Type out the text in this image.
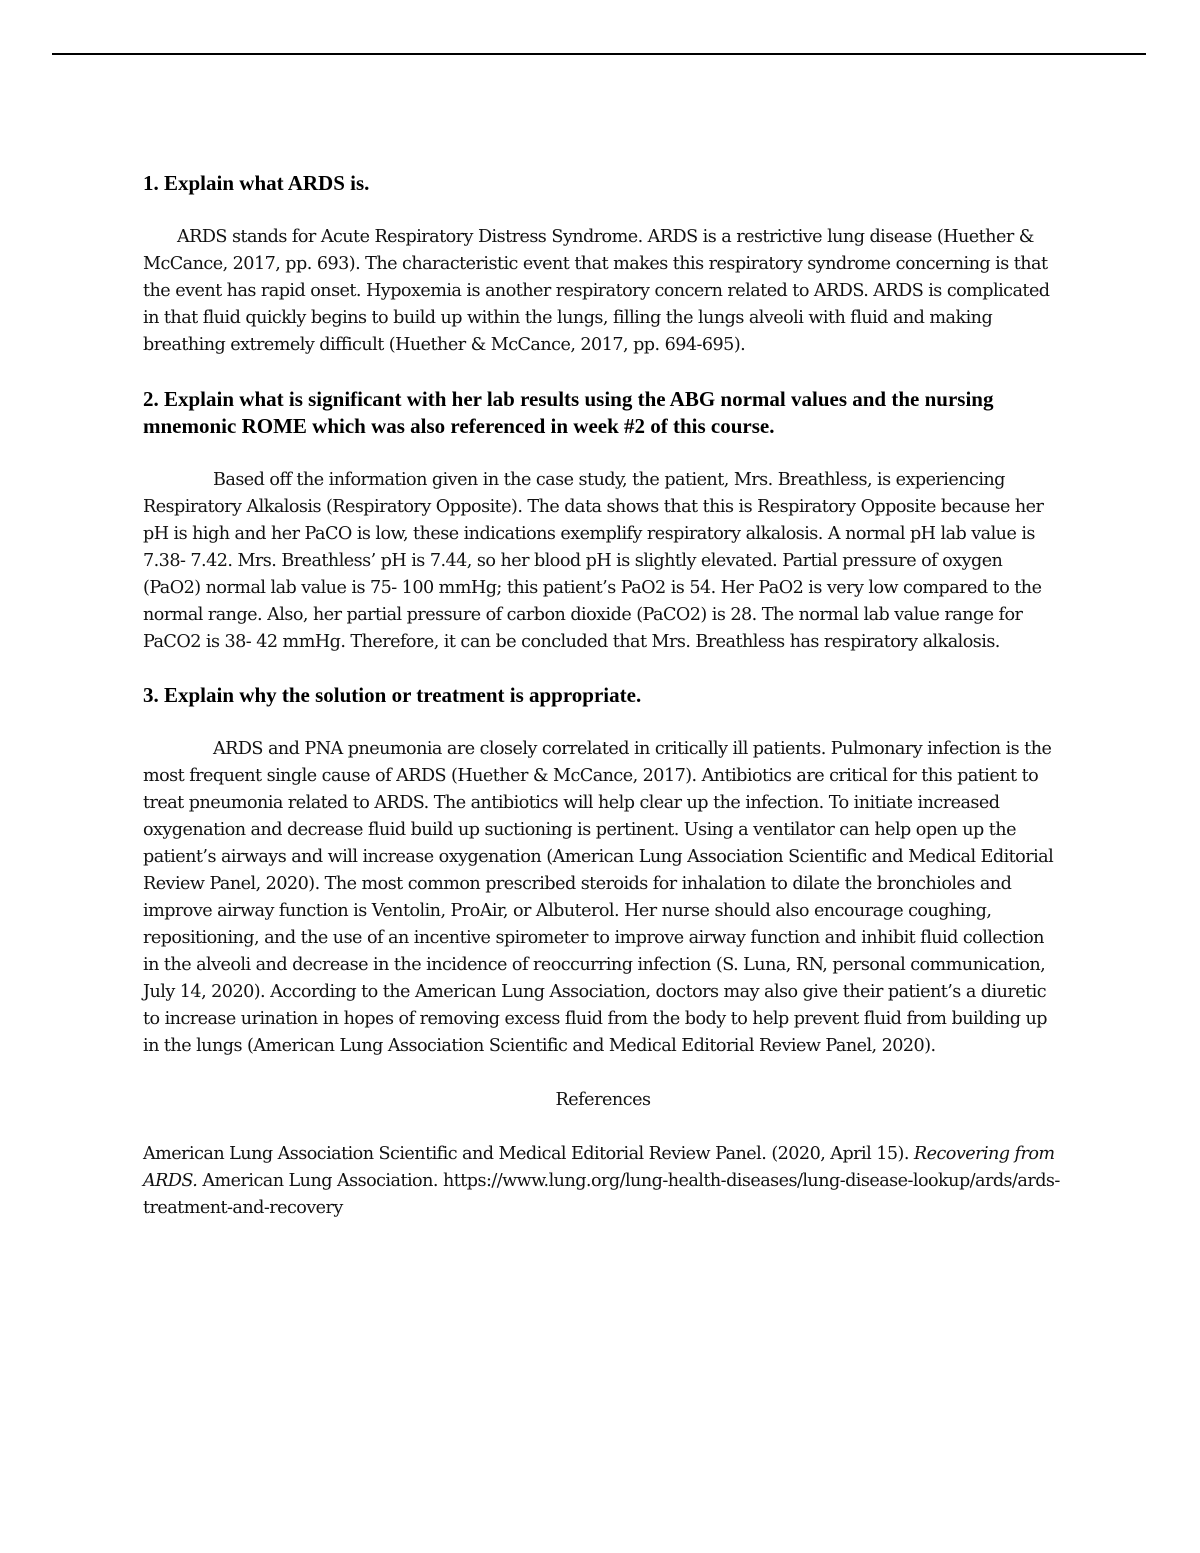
1. Explain what ARDS is.

ARDS stands for Acute Respiratory Distress Syndrome. ARDS is a restrictive lung disease (Huether & McCance, 2017, pp. 693). The characteristic event that makes this respiratory syndrome concerning is that the event has rapid onset. Hypoxemia is another respiratory concern related to ARDS. ARDS is complicated in that fluid quickly begins to build up within the lungs, filling the lungs alveoli with fluid and making breathing extremely difficult (Huether & McCance, 2017, pp. 694-695).

2. Explain what is significant with her lab results using the ABG normal values and the nursing mnemonic ROME which was also referenced in week #2 of this course.

Based off the information given in the case study, the patient, Mrs. Breathless, is experiencing Respiratory Alkalosis (Respiratory Opposite). The data shows that this is Respiratory Opposite because her pH is high and her PaCO is low, these indications exemplify respiratory alkalosis. A normal pH lab value is 7.38- 7.42. Mrs. Breathless’ pH is 7.44, so her blood pH is slightly elevated. Partial pressure of oxygen (PaO2) normal lab value is 75- 100 mmHg; this patient’s PaO2 is 54. Her PaO2 is very low compared to the normal range. Also, her partial pressure of carbon dioxide (PaCO2) is 28. The normal lab value range for PaCO2 is 38- 42 mmHg. Therefore, it can be concluded that Mrs. Breathless has respiratory alkalosis.

3. Explain why the solution or treatment is appropriate.

ARDS and PNA pneumonia are closely correlated in critically ill patients. Pulmonary infection is the most frequent single cause of ARDS (Huether & McCance, 2017). Antibiotics are critical for this patient to treat pneumonia related to ARDS. The antibiotics will help clear up the infection. To initiate increased oxygenation and decrease fluid build up suctioning is pertinent. Using a ventilator can help open up the patient’s airways and will increase oxygenation (American Lung Association Scientific and Medical Editorial Review Panel, 2020). The most common prescribed steroids for inhalation to dilate the bronchioles and improve airway function is Ventolin, ProAir, or Albuterol. Her nurse should also encourage coughing, repositioning, and the use of an incentive spirometer to improve airway function and inhibit fluid collection in the alveoli and decrease in the incidence of reoccurring infection (S. Luna, RN, personal communication, July 14, 2020). According to the American Lung Association, doctors may also give their patient’s a diuretic to increase urination in hopes of removing excess fluid from the body to help prevent fluid from building up in the lungs (American Lung Association Scientific and Medical Editorial Review Panel, 2020).

References

American Lung Association Scientific and Medical Editorial Review Panel. (2020, April 15). Recovering from ARDS. American Lung Association. https://www.lung.org/lung-health-diseases/lung-disease-lookup/ards/ards-treatment-and-recovery
